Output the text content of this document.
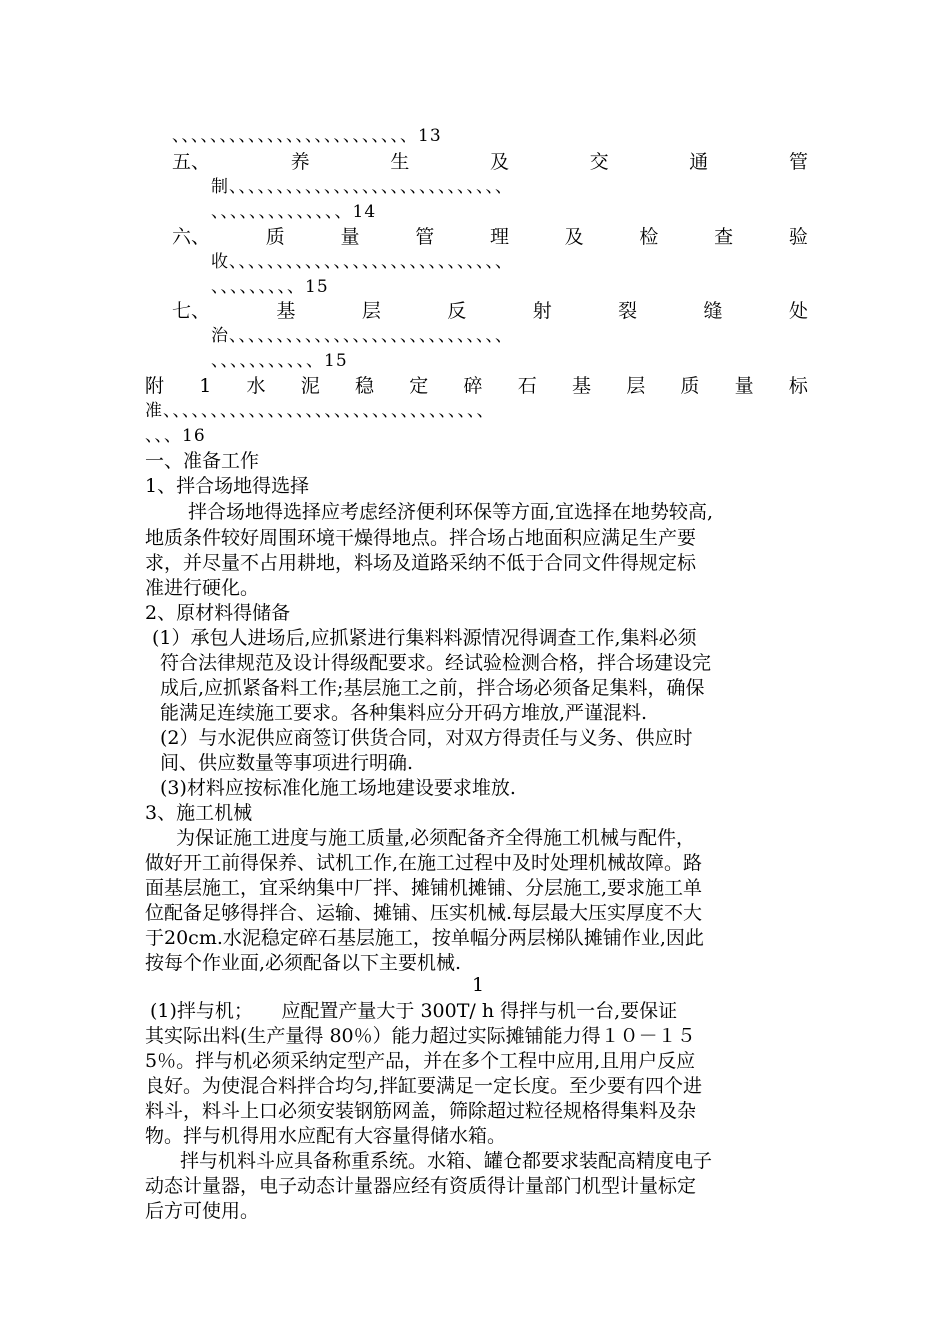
、、、、、、、、、、、、、、、、、、、、、、、、、13
五、	养	生	及	交	通	管
制、、、、、、、、、、、、、、、、、、、、、、、、、、、、、
、、、、、、、、、、、、、、14
六、	质	量	管	理	及	检	查	验
收、、、、、、、、、、、、、、、、、、、、、、、、、、、、、
、、、、、、、、、15
七、	基	层	反	射	裂	缝	处
治、、、、、、、、、、、、、、、、、、、、、、、、、、、、、
、、、、、、、、、、、15
附 1 水 泥 稳 定 碎 石 基 层 质 量 标
准、、、、、、、、、、、、、、、、、、、、、、、、、、、、、、、、、、
、、、16
一、准备工作
1、拌合场地得选择
拌合场地得选择应考虑经济便利环保等方面,宜选择在地势较高,
地质条件较好周围环境干燥得地点。拌合场占地面积应满足生产要
求，并尽量不占用耕地，料场及道路采纳不低于合同文件得规定标
准进行硬化。
2、原材料得储备
(1）承包人进场后,应抓紧进行集料料源情况得调查工作,集料必须
符合法律规范及设计得级配要求。经试验检测合格，拌合场建设完
成后,应抓紧备料工作;基层施工之前，拌合场必须备足集料，确保
能满足连续施工要求。各种集料应分开码方堆放,严谨混料.
(2）与水泥供应商签订供货合同，对双方得责任与义务、供应时
间、供应数量等事项进行明确.
(3)材料应按标准化施工场地建设要求堆放.
3、施工机械
为保证施工进度与施工质量,必须配备齐全得施工机械与配件，
做好开工前得保养、试机工作,在施工过程中及时处理机械故障。路
面基层施工，宜采纳集中厂拌、摊铺机摊铺、分层施工,要求施工单
位配备足够得拌合、运输、摊铺、压实机械.每层最大压实厚度不大
于20cm.水泥稳定碎石基层施工，按单幅分两层梯队摊铺作业,因此
按每个作业面,必须配备以下主要机械.
1
(1)拌与机；　　应配置产量大于 300T/ h 得拌与机一台,要保证
其实际出料(生产量得 80％）能力超过实际摊铺能力得１０－１５
5％。拌与机必须采纳定型产品，并在多个工程中应用,且用户反应
良好。为使混合料拌合均匀,拌缸要满足一定长度。至少要有四个进
料斗，料斗上口必须安装钢筋网盖，筛除超过粒径规格得集料及杂
物。拌与机得用水应配有大容量得储水箱。
拌与机料斗应具备称重系统。水箱、罐仓都要求装配高精度电子
动态计量器，电子动态计量器应经有资质得计量部门机型计量标定
后方可使用。
